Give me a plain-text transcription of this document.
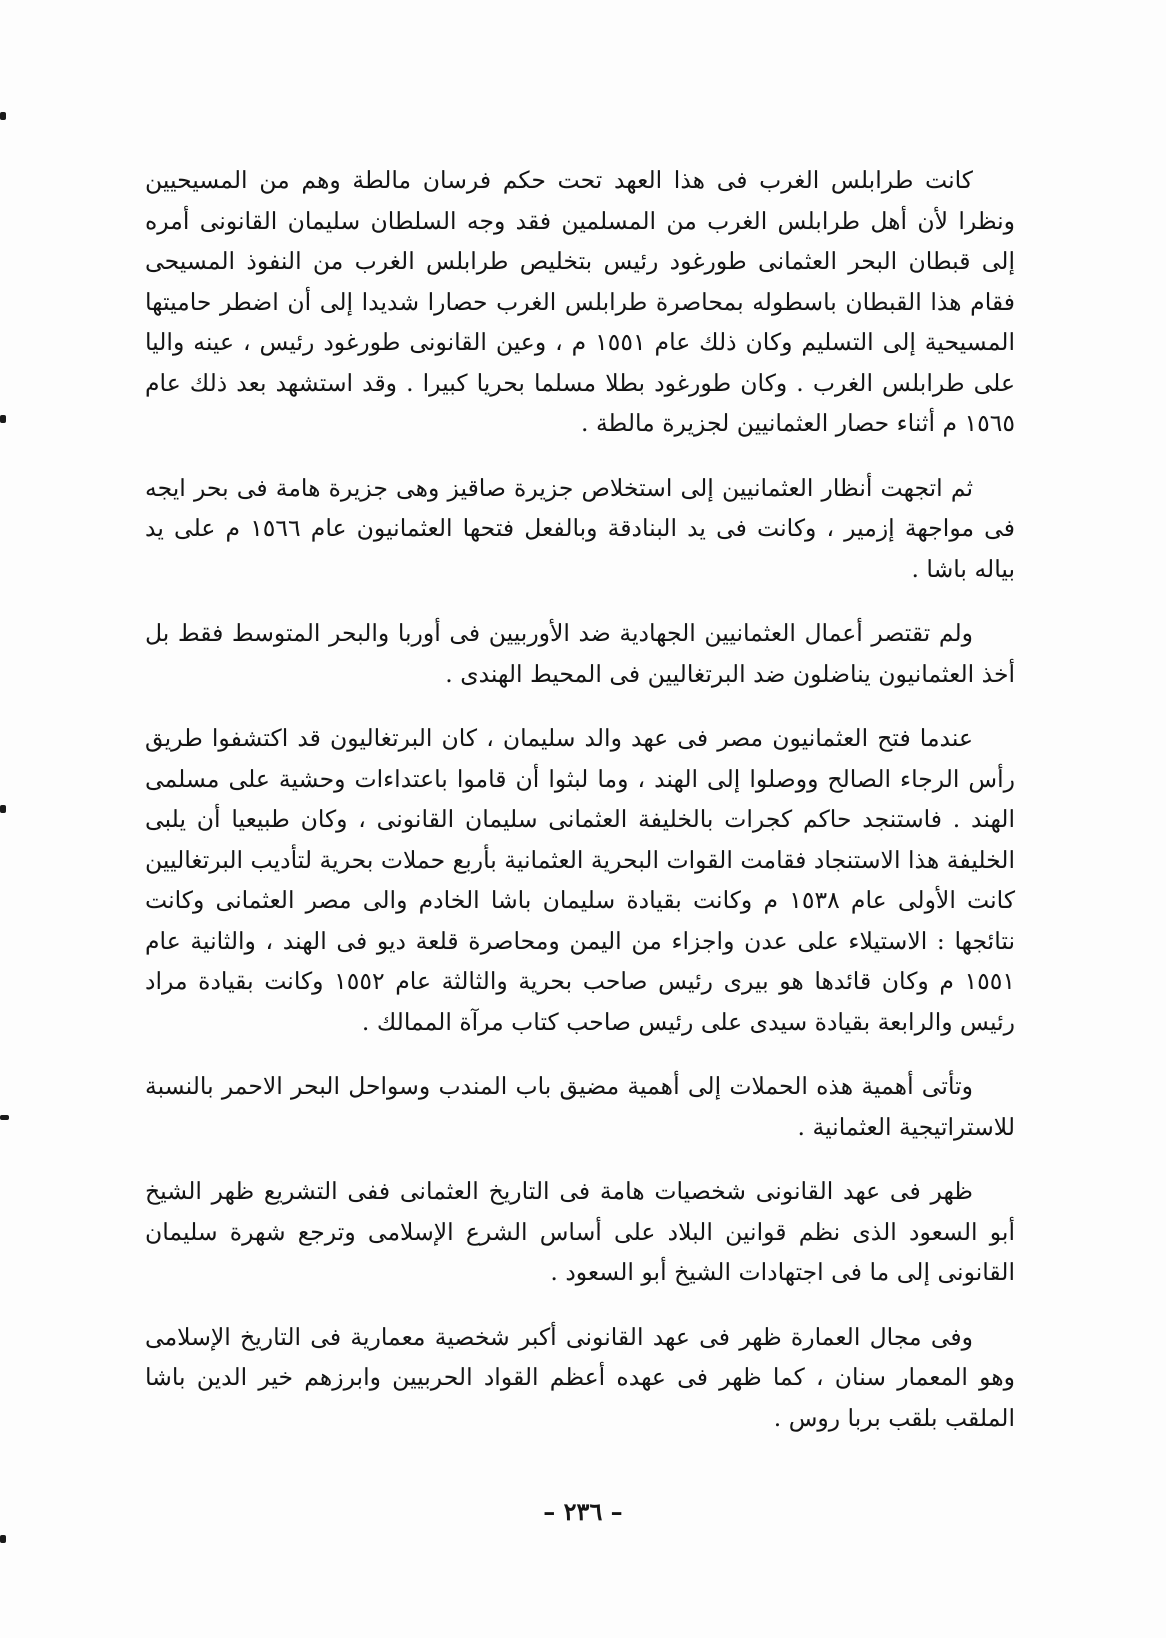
كانت طرابلس الغرب فى هذا العهد تحت حكم فرسان مالطة وهم من المسيحيين ونظرا لأن أهل طرابلس الغرب من المسلمين فقد وجه السلطان سليمان القانونى أمره إلى قبطان البحر العثمانى طورغود رئيس بتخليص طرابلس الغرب من النفوذ المسيحى فقام هذا القبطان باسطوله بمحاصرة طرابلس الغرب حصارا شديدا إلى أن اضطر حاميتها المسيحية إلى التسليم وكان ذلك عام ١٥٥١ م ، وعين القانونى طورغود رئيس ، عينه واليا على طرابلس الغرب . وكان طورغود بطلا مسلما بحريا كبيرا . وقد استشهد بعد ذلك عام ١٥٦٥ م أثناء حصار العثمانيين لجزيرة مالطة .

ثم اتجهت أنظار العثمانيين إلى استخلاص جزيرة صاقيز وهى جزيرة هامة فى بحر ايجه فى مواجهة إزمير ، وكانت فى يد البنادقة وبالفعل فتحها العثمانيون عام ١٥٦٦ م على يد بياله باشا .

ولم تقتصر أعمال العثمانيين الجهادية ضد الأوربيين فى أوربا والبحر المتوسط فقط بل أخذ العثمانيون يناضلون ضد البرتغاليين فى المحيط الهندى .

عندما فتح العثمانيون مصر فى عهد والد سليمان ، كان البرتغاليون قد اكتشفوا طريق رأس الرجاء الصالح ووصلوا إلى الهند ، وما لبثوا أن قاموا باعتداءات وحشية على مسلمى الهند . فاستنجد حاكم كجرات بالخليفة العثمانى سليمان القانونى ، وكان طبيعيا أن يلبى الخليفة هذا الاستنجاد فقامت القوات البحرية العثمانية بأربع حملات بحرية لتأديب البرتغاليين كانت الأولى عام ١٥٣٨ م وكانت بقيادة سليمان باشا الخادم والى مصر العثمانى وكانت نتائجها : الاستيلاء على عدن واجزاء من اليمن ومحاصرة قلعة ديو فى الهند ، والثانية عام ١٥٥١ م وكان قائدها هو بيرى رئيس صاحب بحرية والثالثة عام ١٥٥٢ وكانت بقيادة مراد رئيس والرابعة بقيادة سيدى على رئيس صاحب كتاب مرآة الممالك .

وتأتى أهمية هذه الحملات إلى أهمية مضيق باب المندب وسواحل البحر الاحمر بالنسبة للاستراتيجية العثمانية .

ظهر فى عهد القانونى شخصيات هامة فى التاريخ العثمانى ففى التشريع ظهر الشيخ أبو السعود الذى نظم قوانين البلاد على أساس الشرع الإسلامى وترجع شهرة سليمان القانونى إلى ما فى اجتهادات الشيخ أبو السعود .

وفى مجال العمارة ظهر فى عهد القانونى أكبر شخصية معمارية فى التاريخ الإسلامى وهو المعمار سنان ، كما ظهر فى عهده أعظم القواد الحربيين وابرزهم خير الدين باشا الملقب بلقب بربا روس .

– ٢٣٦ –
